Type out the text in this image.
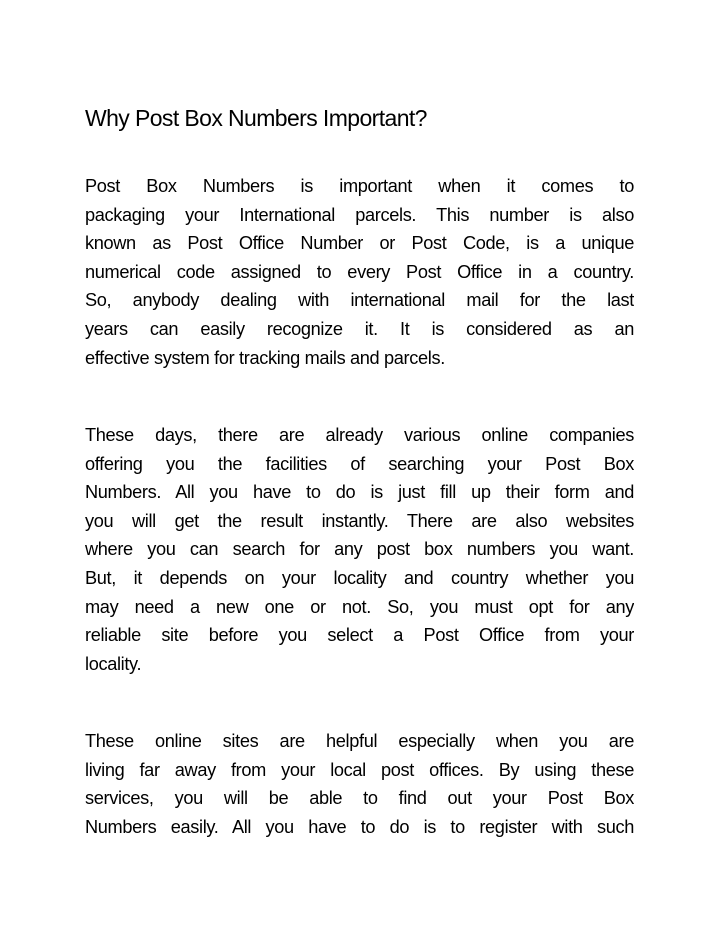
Why Post Box Numbers Important?
Post Box Numbers is important when it comes to
packaging your International parcels. This number is also
known as Post Office Number or Post Code, is a unique
numerical code assigned to every Post Office in a country.
So, anybody dealing with international mail for the last
years can easily recognize it. It is considered as an
effective system for tracking mails and parcels.
These days, there are already various online companies
offering you the facilities of searching your Post Box
Numbers. All you have to do is just fill up their form and
you will get the result instantly. There are also websites
where you can search for any post box numbers you want.
But, it depends on your locality and country whether you
may need a new one or not. So, you must opt for any
reliable site before you select a Post Office from your
locality.
These online sites are helpful especially when you are
living far away from your local post offices. By using these
services, you will be able to find out your Post Box
Numbers easily. All you have to do is to register with such
